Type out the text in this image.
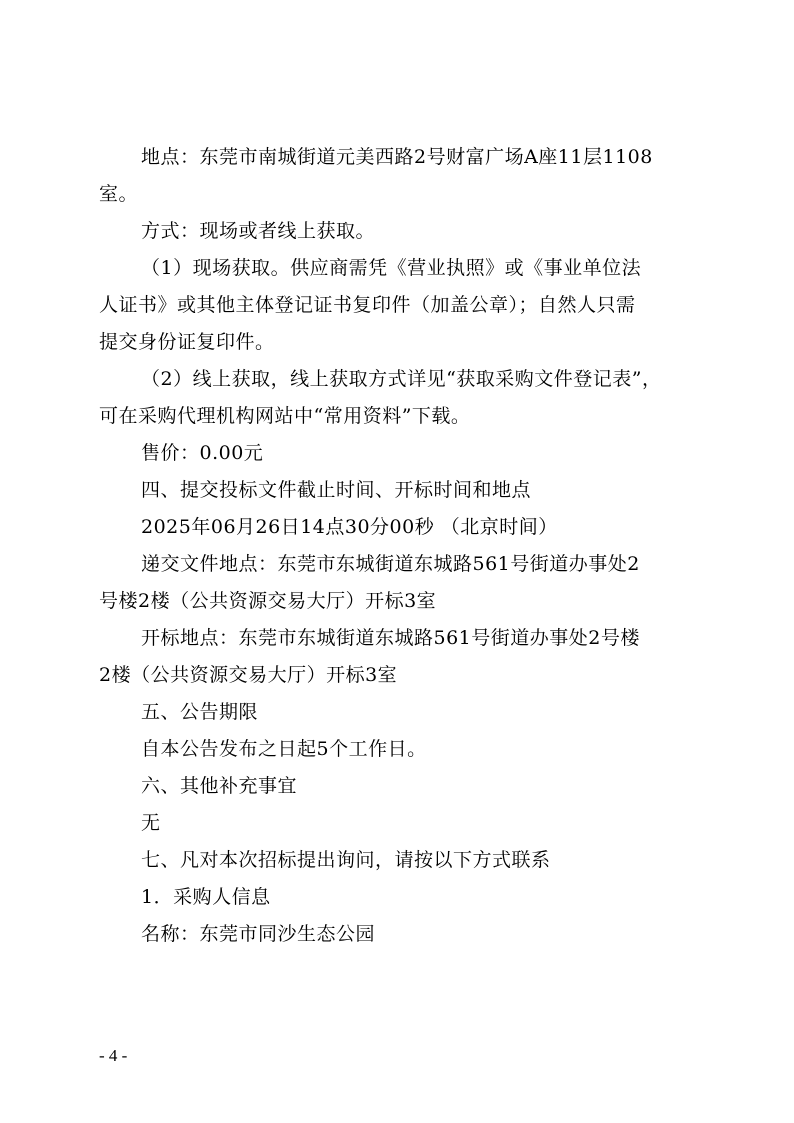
地点：东莞市南城街道元美西路2号财富广场A座11层1108
室。
方式：现场或者线上获取。
（1）现场获取。供应商需凭《营业执照》或《事业单位法
人证书》或其他主体登记证书复印件（加盖公章）；自然人只需
提交身份证复印件。
（2）线上获取，线上获取方式详见“获取采购文件登记表”，
可在采购代理机构网站中“常用资料”下载。
售价：0.00元
四、提交投标文件截止时间、开标时间和地点
2025年06月26日14点30分00秒 （北京时间）
递交文件地点：东莞市东城街道东城路561号街道办事处2
号楼2楼（公共资源交易大厅）开标3室
开标地点：东莞市东城街道东城路561号街道办事处2号楼
2楼（公共资源交易大厅）开标3室
五、公告期限
自本公告发布之日起5个工作日。
六、其他补充事宜
无
七、凡对本次招标提出询问，请按以下方式联系
1．采购人信息
名称：东莞市同沙生态公园
- 4 -
